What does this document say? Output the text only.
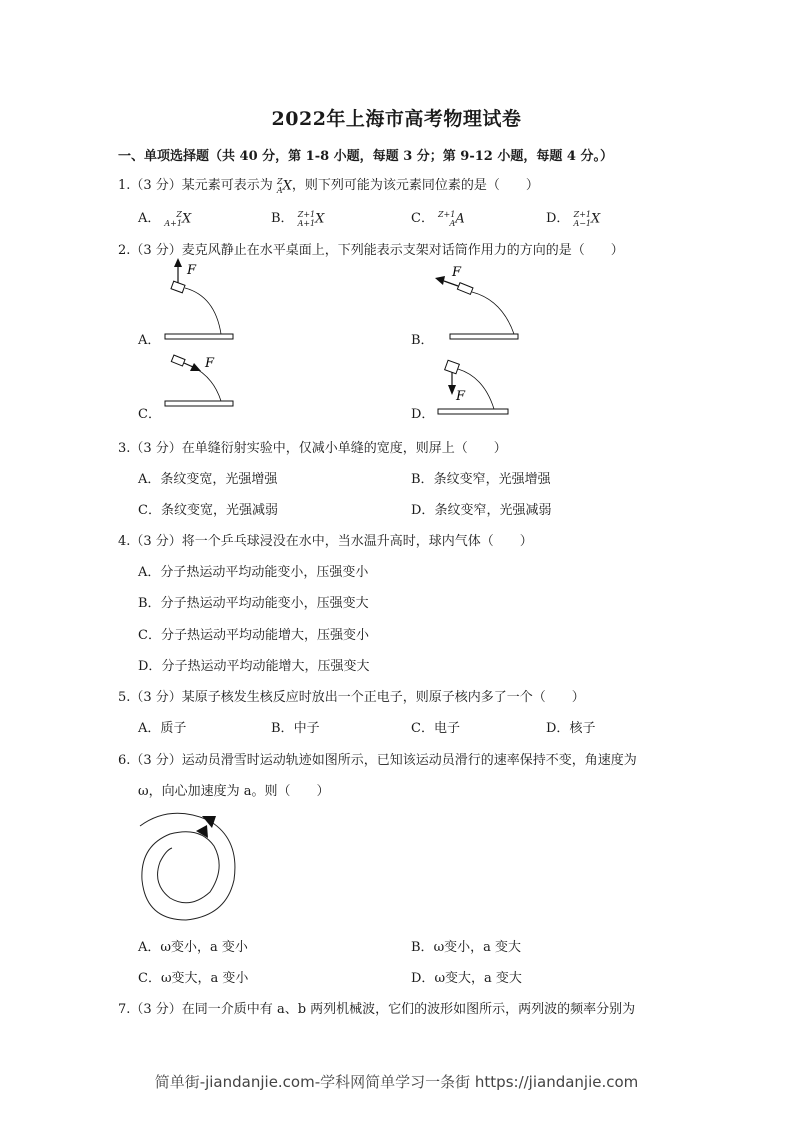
2022年上海市高考物理试卷
一、单项选择题（共 40 分，第 1-8 小题，每题 3 分；第 9-12 小题，每题 4 分。）
1.（3 分）某元素可表示为 Z
A X，则下列可能为该元素同位素的是（　　）
A．	Z
A+1 X	B． Z+1
A+1 X	C． Z+1
A A	D． Z+1
A−1 X
2.（3 分）麦克风静止在水平桌面上，下列能表示支架对话筒作用力的方向的是（　　）
A．
F
B．
F
C．
F
D．
F
3.（3 分）在单缝衍射实验中，仅减小单缝的宽度，则屏上（　　）
A．条纹变宽，光强增强	B．条纹变窄，光强增强
C．条纹变宽，光强减弱	D．条纹变窄，光强减弱
4.（3 分）将一个乒乓球浸没在水中，当水温升高时，球内气体（　　）
A．分子热运动平均动能变小，压强变小
B．分子热运动平均动能变小，压强变大
C．分子热运动平均动能增大，压强变小
D．分子热运动平均动能增大，压强变大
5.（3 分）某原子核发生核反应时放出一个正电子，则原子核内多了一个（　　）
A．质子	B．中子	C．电子	D．核子
6.（3 分）运动员滑雪时运动轨迹如图所示，已知该运动员滑行的速率保持不变，角速度为
ω，向心加速度为 a。则（　　）
A．ω变小，a 变小	B．ω变小，a 变大
C．ω变大，a 变小	D．ω变大，a 变大
7.（3 分）在同一介质中有 a、b 两列机械波，它们的波形如图所示，两列波的频率分别为
简单街-jiandanjie.com-学科网简单学习一条街 https://jiandanjie.com
